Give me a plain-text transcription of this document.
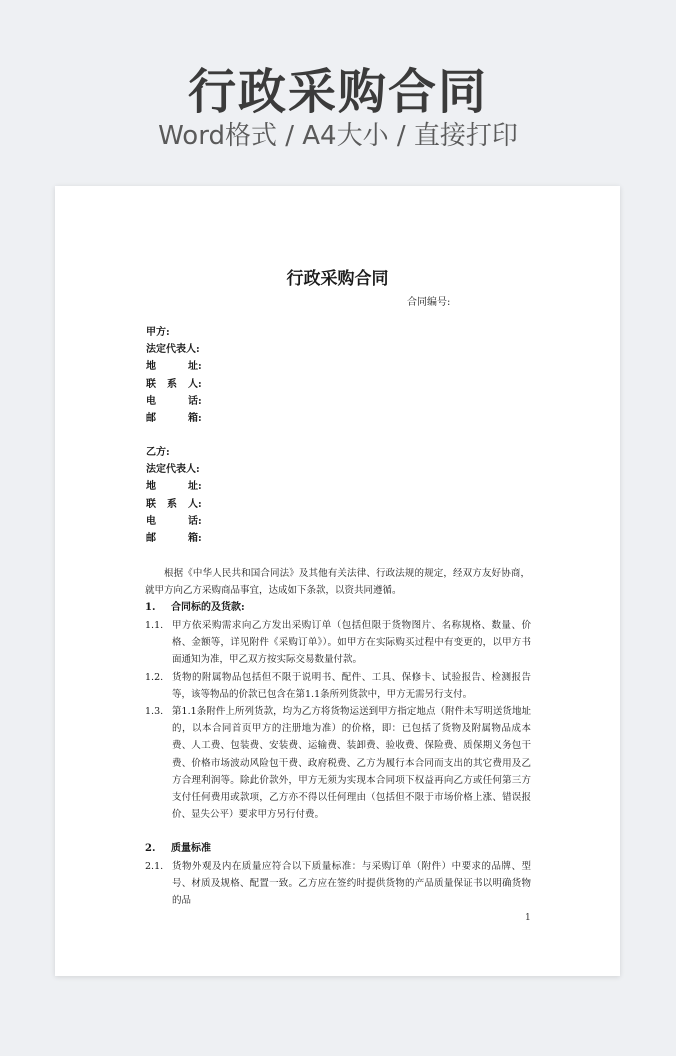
行政采购合同
Word格式 / A4大小 / 直接打印
行政采购合同
合同编号:
甲方:
法定代表人 :
地	址 :
联 系 人 :
电	话 :
邮	箱 :
乙方:
法定代表人 :
地	址 :
联 系 人 :
电	话 :
邮	箱 :
根据《中华人民共和国合同法》及其他有关法律、行政法规的规定，经双方友好协商，就甲方向乙方采购商品事宜，达成如下条款，以资共同遵循。
1. 合同标的及货款:
1.1. 甲方依采购需求向乙方发出采购订单（包括但限于货物图片、名称规格、数量、价格、金额等，详见附件《采购订单》）。如甲方在实际购买过程中有变更的，以甲方书面通知为准，甲乙双方按实际交易数量付款。
1.2. 货物的附属物品包括但不限于说明书、配件、工具、保修卡、试验报告、检测报告等，该等物品的价款已包含在第1.1条所列货款中，甲方无需另行支付。
1.3. 第1.1条附件上所列货款，均为乙方将货物运送到甲方指定地点（附件未写明送货地址的，以本合同首页甲方的注册地为准）的价格，即：已包括了货物及附属物品成本费、人工费、包装费、安装费、运输费、装卸费、验收费、保险费、质保期义务包干费、价格市场波动风险包干费、政府税费、乙方为履行本合同而支出的其它费用及乙方合理利润等。除此价款外，甲方无须为实现本合同项下权益再向乙方或任何第三方支付任何费用或款项，乙方亦不得以任何理由（包括但不限于市场价格上涨、错误报价、显失公平）要求甲方另行付费。
2. 质量标准
2.1. 货物外观及内在质量应符合以下质量标准：与采购订单（附件）中要求的品牌、型号、材质及规格、配置一致。乙方应在签约时提供货物的产品质量保证书以明确货物的品
1
